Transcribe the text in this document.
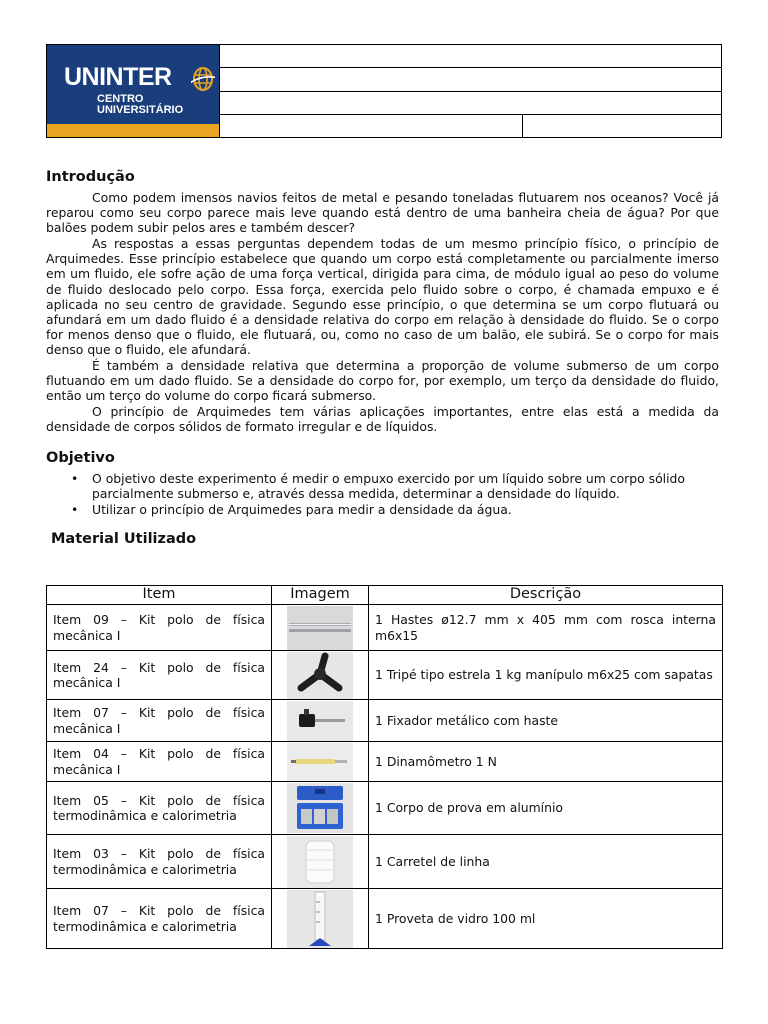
UNINTER
CENTRO
UNIVERSITÁRIO
Introdução

Como podem imensos navios feitos de metal e pesando toneladas flutuarem nos oceanos? Você já reparou como seu corpo parece mais leve quando está dentro de uma banheira cheia de água? Por que balões podem subir pelos ares e também descer?

As respostas a essas perguntas dependem todas de um mesmo princípio físico, o princípio de Arquimedes. Esse princípio estabelece que quando um corpo está completamente ou parcialmente imerso em um fluido, ele sofre ação de uma força vertical, dirigida para cima, de módulo igual ao peso do volume de fluido deslocado pelo corpo. Essa força, exercida pelo fluido sobre o corpo, é chamada empuxo e é aplicada no seu centro de gravidade. Segundo esse princípio, o que determina se um corpo flutuará ou afundará em um dado fluido é a densidade relativa do corpo em relação à densidade do fluido. Se o corpo for menos denso que o fluido, ele flutuará, ou, como no caso de um balão, ele subirá. Se o corpo for mais denso que o fluido, ele afundará.

É também a densidade relativa que determina a proporção de volume submerso de um corpo flutuando em um dado fluido. Se a densidade do corpo for, por exemplo, um terço da densidade do fluido, então um terço do volume do corpo ficará submerso.

O princípio de Arquimedes tem várias aplicações importantes, entre elas está a medida da densidade de corpos sólidos de formato irregular e de líquidos.

Objetivo
• O objetivo deste experimento é medir o empuxo exercido por um líquido sobre um corpo sólido parcialmente submerso e, através dessa medida, determinar a densidade do líquido.
• Utilizar o princípio de Arquimedes para medir a densidade da água.
Material Utilizado
Item	Imagem	Descrição
Item 09 – Kit polo de física mecânica I		1 Hastes ø12.7 mm x 405 mm com rosca interna m6x15
Item 24 – Kit polo de física mecânica I		1 Tripé tipo estrela 1 kg manípulo m6x25 com sapatas
Item 07 – Kit polo de física mecânica I		1 Fixador metálico com haste
Item 04 – Kit polo de física mecânica I		1 Dinamômetro 1 N
Item 05 – Kit polo de física termodinâmica e calorimetria		1 Corpo de prova em alumínio
Item 03 – Kit polo de física termodinâmica e calorimetria		1 Carretel de linha
Item 07 – Kit polo de física termodinâmica e calorimetria		1 Proveta de vidro 100 ml
